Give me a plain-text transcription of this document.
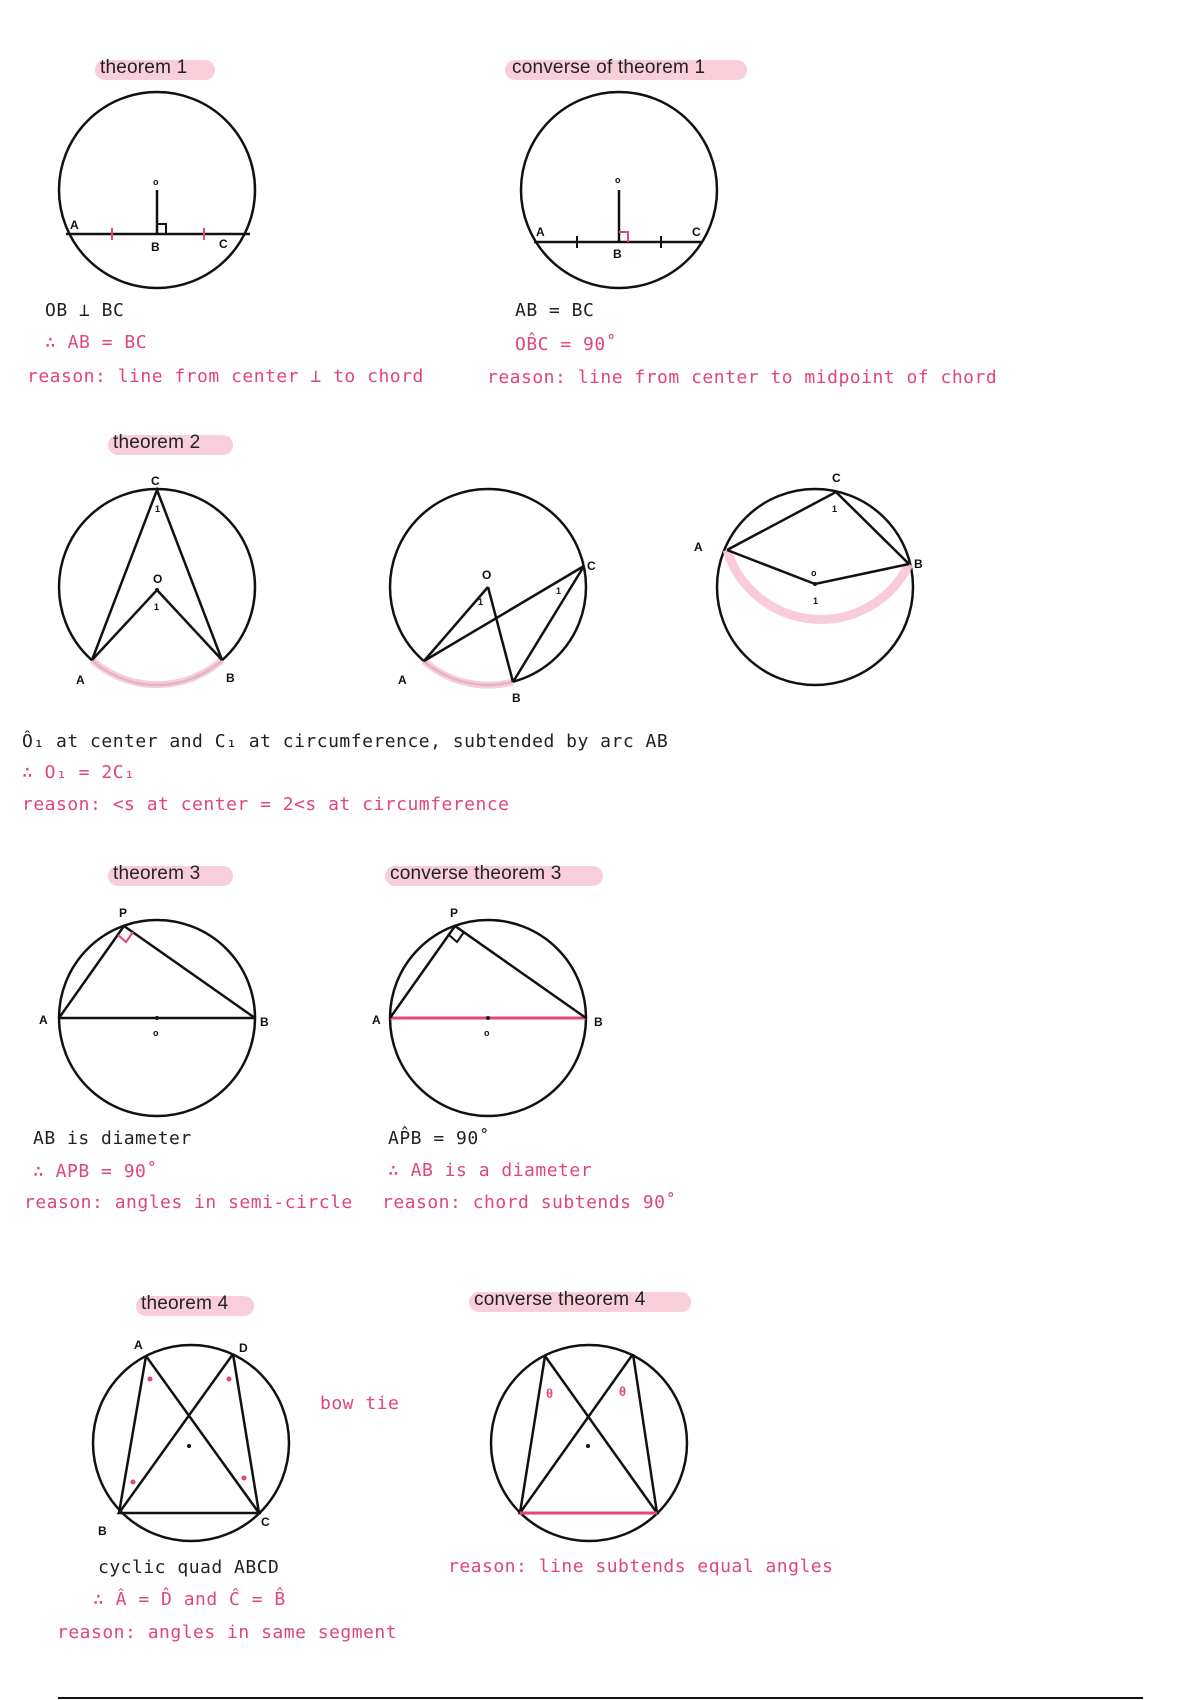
theorem 1	converse of theorem 1
theorem 2
theorem 3	converse theorem 3
theorem 4	converse theorem 4
o
A
B	C
o
A
B
C
O
C
A	B
1
1
O
C
A
B
1
1
o
C
A
B
1
1
o
P
A	B
o
P
A	B
A	D
B
C
θ	θ
OB ⊥ BC
∴ AB = BC
reason: line from center ⊥ to chord
AB = BC
OB̂C = 90˚
reason: line from center to midpoint of chord
Ô₁ at center and C₁ at circumference, subtended by arc AB
∴ O₁ = 2C₁
reason: <s at center = 2<s at circumference
AB is diameter
∴ APB = 90˚
reason: angles in semi-circle
AP̂B = 90˚
∴ AB is a diameter
reason: chord subtends 90˚
bow tie
cyclic quad ABCD
∴ Â = D̂ and Ĉ = B̂
reason: angles in same segment
reason: line subtends equal angles
